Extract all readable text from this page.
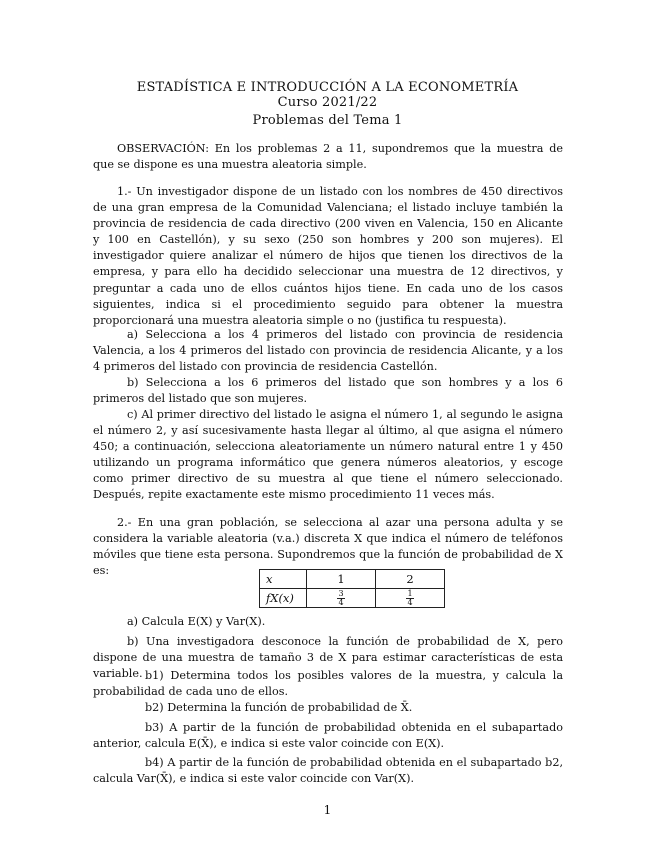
ESTADÍSTICA E INTRODUCCIÓN A LA ECONOMETRÍA
Curso 2021/22
Problemas del Tema 1

OBSERVACIÓN: En los problemas 2 a 11, supondremos que la muestra de que se dispone es una muestra aleatoria simple.

1.- Un investigador dispone de un listado con los nombres de 450 directivos de una gran empresa de la Comunidad Valenciana; el listado incluye también la provincia de residencia de cada directivo (200 viven en Valencia, 150 en Alicante y 100 en Castellón), y su sexo (250 son hombres y 200 son mujeres). El investigador quiere analizar el número de hijos que tienen los directivos de la empresa, y para ello ha decidido seleccionar una muestra de 12 directivos, y preguntar a cada uno de ellos cuántos hijos tiene. En cada uno de los casos siguientes, indica si el procedimiento seguido para obtener la muestra proporcionará una muestra aleatoria simple o no (justifica tu respuesta).

a) Selecciona a los 4 primeros del listado con provincia de residencia Valencia, a los 4 primeros del listado con provincia de residencia Alicante, y a los 4 primeros del listado con provincia de residencia Castellón.

b) Selecciona a los 6 primeros del listado que son hombres y a los 6 primeros del listado que son mujeres.

c) Al primer directivo del listado le asigna el número 1, al segundo le asigna el número 2, y así sucesivamente hasta llegar al último, al que asigna el número 450; a continuación, selecciona aleatoriamente un número natural entre 1 y 450 utilizando un programa informático que genera números aleatorios, y escoge como primer directivo de su muestra al que tiene el número seleccionado. Después, repite exactamente este mismo procedimiento 11 veces más.

2.- En una gran población, se selecciona al azar una persona adulta y se considera la variable aleatoria (v.a.) discreta X que indica el número de teléfonos móviles que tiene esta persona. Supondremos que la función de probabilidad de X es:

x	1	2
fX(x)	$\frac{3}{4}$	$\frac{1}{4}$

a) Calcula E(X) y Var(X).

b) Una investigadora desconoce la función de probabilidad de X, pero dispone de una muestra de tamaño 3 de X para estimar características de esta variable. b1) Determina todos los posibles valores de la muestra, y calcula la probabilidad de cada uno de ellos.

b2) Determina la función de probabilidad de X̄.

b3) A partir de la función de probabilidad obtenida en el subapartado anterior, calcula E(X̄), e indica si este valor coincide con E(X).

b4) A partir de la función de probabilidad obtenida en el subapartado b2, calcula Var(X̄), e indica si este valor coincide con Var(X).

1
